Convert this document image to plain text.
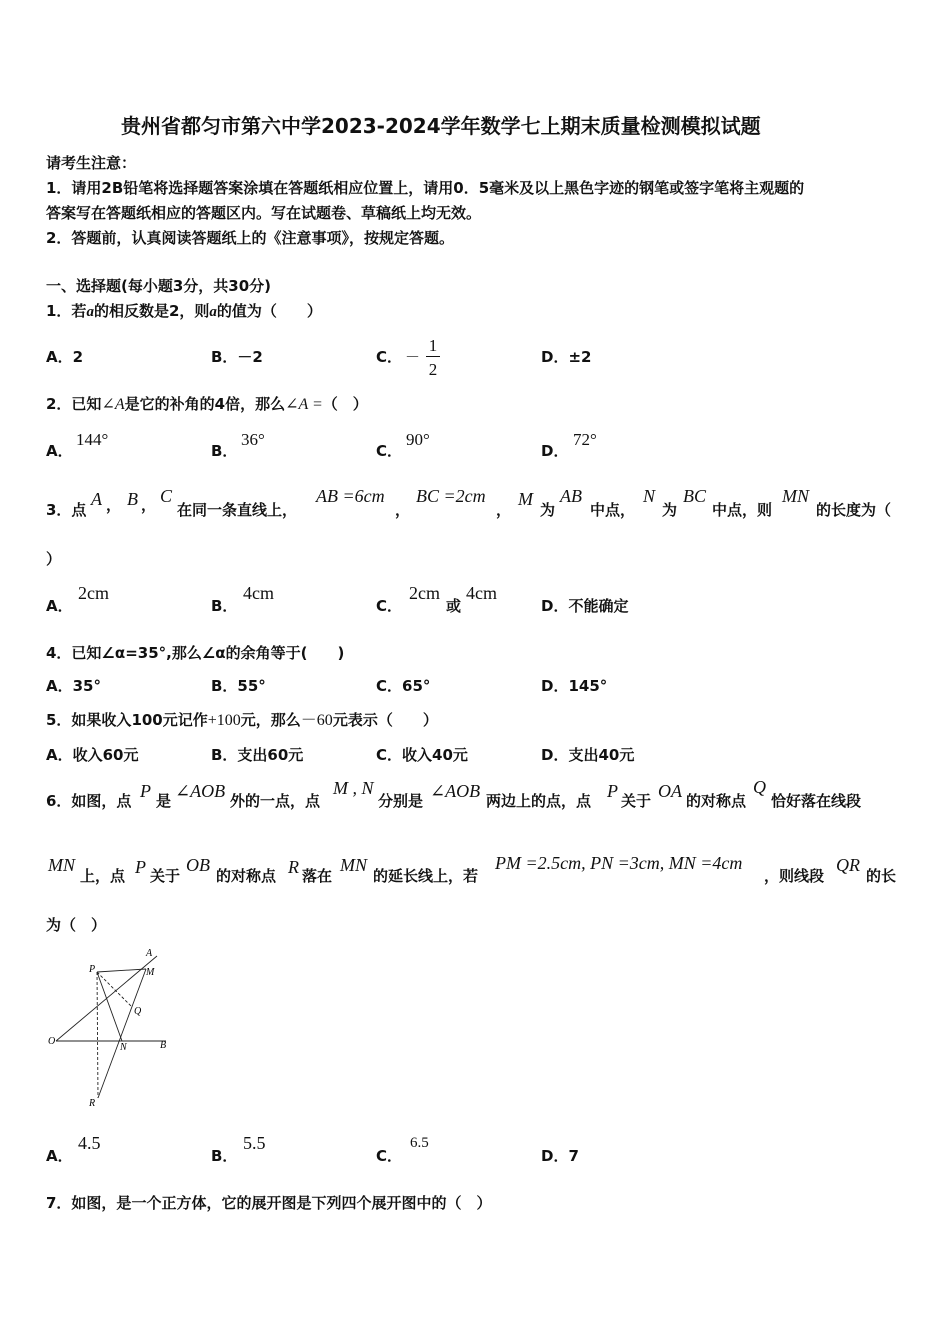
贵州省都匀市第六中学2023-2024学年数学七上期末质量检测模拟试题
请考生注意：
1．请用2B铅笔将选择题答案涂填在答题纸相应位置上，请用0．5毫米及以上黑色字迹的钢笔或签字笔将主观题的
答案写在答题纸相应的答题区内。写在试题卷、草稿纸上均无效。
2．答题前，认真阅读答题纸上的《注意事项》，按规定答题。
一、选择题(每小题3分，共30分)
1．若a的相反数是2，则a的值为（　　）
A．2	B．－2	C． －
1
2
D．±2
2．已知∠A是它的补角的4倍，那么∠A =（　）
A．
144°
B．
36°
C．
90°
D．
72°
3．点
A ， B ， C
在同一条直线上，
AB =6cm
，
BC =2cm
，
M
为
AB
中点，
N
为
BC
中点，则
MN
的长度为（
）
A．
2cm
B．
4cm
C．
2cm
或
4cm
D．不能确定
4．已知∠α=35°,那么∠α的余角等于(　　)
A．35°	B．55°	C．65°	D．145°
5．如果收入100元记作+100元，那么－60元表示（　　）
A．收入60元	B．支出60元	C．收入40元	D．支出40元
6．如图，点 P 是 ∠AOB 外的一点，点
M , N
分别是 ∠AOB 两边上的点，点 P 关于 OA 的对称点
Q
恰好落在线段
MN
上，点 P 关于
OB
的对称点 R 落在
MN
的延长线上，若
PM =2.5cm, PN =3cm, MN =4cm
，则线段
QR
的长
为（　）
P
A
M
Q
O
N	B
R
A．
4.5
B．
5.5
C．
6.5
D．7
7．如图，是一个正方体，它的展开图是下列四个展开图中的（　）
